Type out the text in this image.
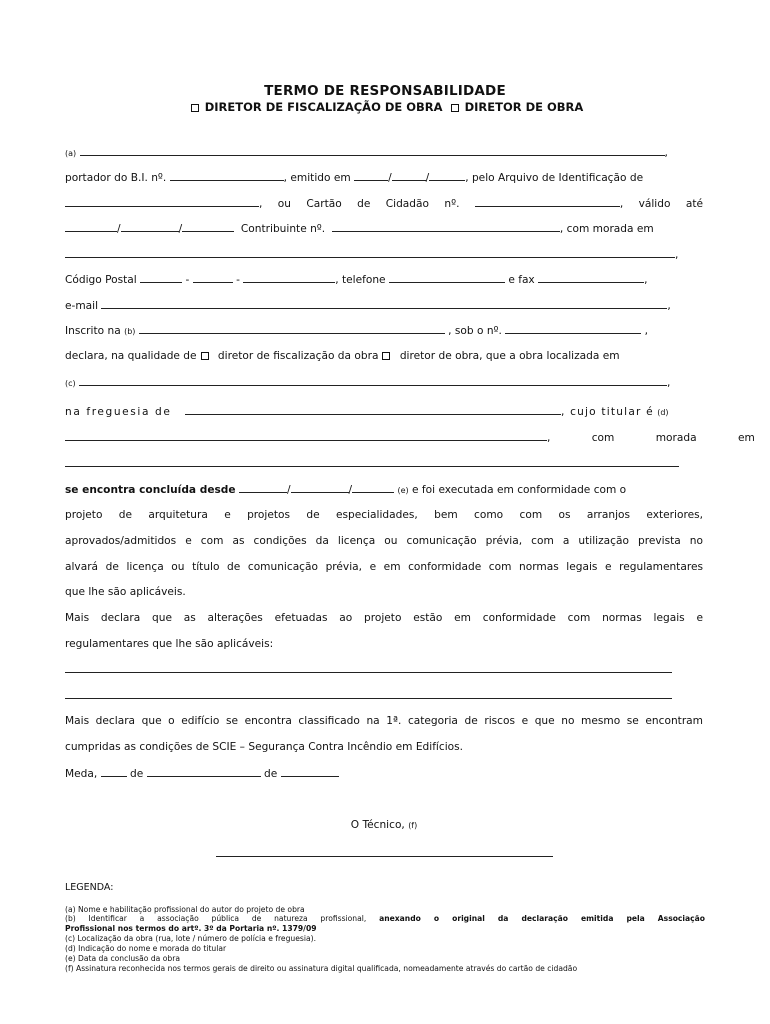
TERMO DE RESPONSABILIDADE
DIRETOR DE FISCALIZAÇÃO DE OBRA DIRETOR DE OBRA
(a)	,
portador do B.I. nº.	, emitido em	/	/	, pelo Arquivo de Identificação de
, ou Cartão de Cidadão nº.	, válido até
/	/	Contribuinte nº.	, com morada em
,
Código Postal	-	-	, telefone	e fax	,
e-mail	,
Inscrito na (b)	, sob o nº.	,
declara, na qualidade de diretor de fiscalização da obra diretor de obra, que a obra localizada em
(c)	,
na freguesia de	, cujo titular é (d)
, com morada em
se encontra concluída desde	/	/	(e) e foi executada em conformidade com o
projeto de arquitetura e projetos de especialidades, bem como com os arranjos exteriores,
aprovados/admitidos e com as condições da licença ou comunicação prévia, com a utilização prevista no
alvará de licença ou título de comunicação prévia, e em conformidade com normas legais e regulamentares
que lhe são aplicáveis.
Mais declara que as alterações efetuadas ao projeto estão em conformidade com normas legais e
regulamentares que lhe são aplicáveis:
Mais declara que o edifício se encontra classificado na 1ª. categoria de riscos e que no mesmo se encontram
cumpridas as condições de SCIE – Segurança Contra Incêndio em Edifícios.
Meda,	de	de
O Técnico, (f)
LEGENDA:
(a) Nome e habilitação profissional do autor do projeto de obra
(b) Identificar a associação pública de natureza profissional, anexando o original da declaração emitida pela Associação
Profissional nos termos do artº. 3º da Portaria nº. 1379/09
(c) Localização da obra (rua, lote / número de polícia e freguesia).
(d) Indicação do nome e morada do titular
(e) Data da conclusão da obra
(f) Assinatura reconhecida nos termos gerais de direito ou assinatura digital qualificada, nomeadamente através do cartão de cidadão
